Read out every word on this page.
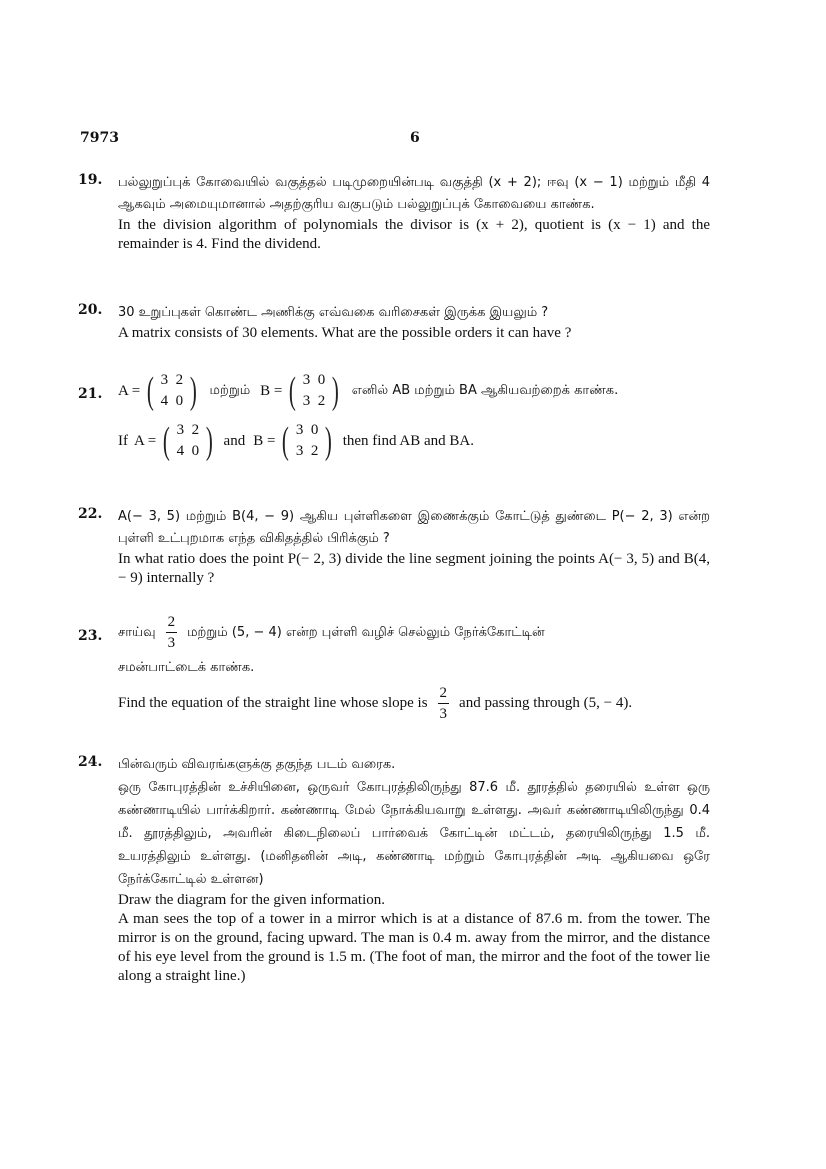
7973	6
19. பல்லுறுப்புக் கோவையில் வகுத்தல் படிமுறையின்படி வகுத்தி (x + 2); ஈவு (x − 1) மற்றும் மீதி 4 ஆகவும் அமையுமானால் அதற்குரிய வகுபடும் பல்லுறுப்புக் கோவையை காண்க.
In the division algorithm of polynomials the divisor is (x + 2), quotient is (x − 1) and the remainder is 4. Find the dividend.
20. 30 உறுப்புகள் கொண்ட அணிக்கு எவ்வகை வரிசைகள் இருக்க இயலும் ?
A matrix consists of 30 elements. What are the possible orders it can have ?
21. A = ( 3 2
4 0 ) மற்றும் B = ( 3 0
3 2 ) எனில் AB மற்றும் BA ஆகியவற்றைக் காண்க.
If A = ( 3 2
4 0 ) and B = ( 3 0
3 2 ) then find AB and BA.
22. A(− 3, 5) மற்றும் B(4, − 9) ஆகிய புள்ளிகளை இணைக்கும் கோட்டுத் துண்டை P(− 2, 3) என்ற புள்ளி உட்புறமாக எந்த விகிதத்தில் பிரிக்கும் ?
In what ratio does the point P(− 2, 3) divide the line segment joining the points A(− 3, 5) and B(4, − 9) internally ?
23. சாய்வு $\frac{2}{3}$ மற்றும் (5, − 4) என்ற புள்ளி வழிச் செல்லும் நேர்க்கோட்டின்
சமன்பாட்டைக் காண்க.
Find the equation of the straight line whose slope is $\frac{2}{3}$ and passing through (5, − 4).
24. பின்வரும் விவரங்களுக்கு தகுந்த படம் வரைக.
ஒரு கோபுரத்தின் உச்சியினை, ஒருவர் கோபுரத்திலிருந்து 87.6 மீ. தூரத்தில் தரையில் உள்ள ஒரு கண்ணாடியில் பார்க்கிறார். கண்ணாடி மேல் நோக்கியவாறு உள்ளது. அவர் கண்ணாடியிலிருந்து 0.4 மீ. தூரத்திலும், அவரின் கிடைநிலைப் பார்வைக் கோட்டின் மட்டம், தரையிலிருந்து 1.5 மீ. உயரத்திலும் உள்ளது. (மனிதனின் அடி, கண்ணாடி மற்றும் கோபுரத்தின் அடி ஆகியவை ஒரே நேர்க்கோட்டில் உள்ளன)
Draw the diagram for the given information.
A man sees the top of a tower in a mirror which is at a distance of 87.6 m. from the tower. The mirror is on the ground, facing upward. The man is 0.4 m. away from the mirror, and the distance of his eye level from the ground is 1.5 m. (The foot of man, the mirror and the foot of the tower lie along a straight line.)
